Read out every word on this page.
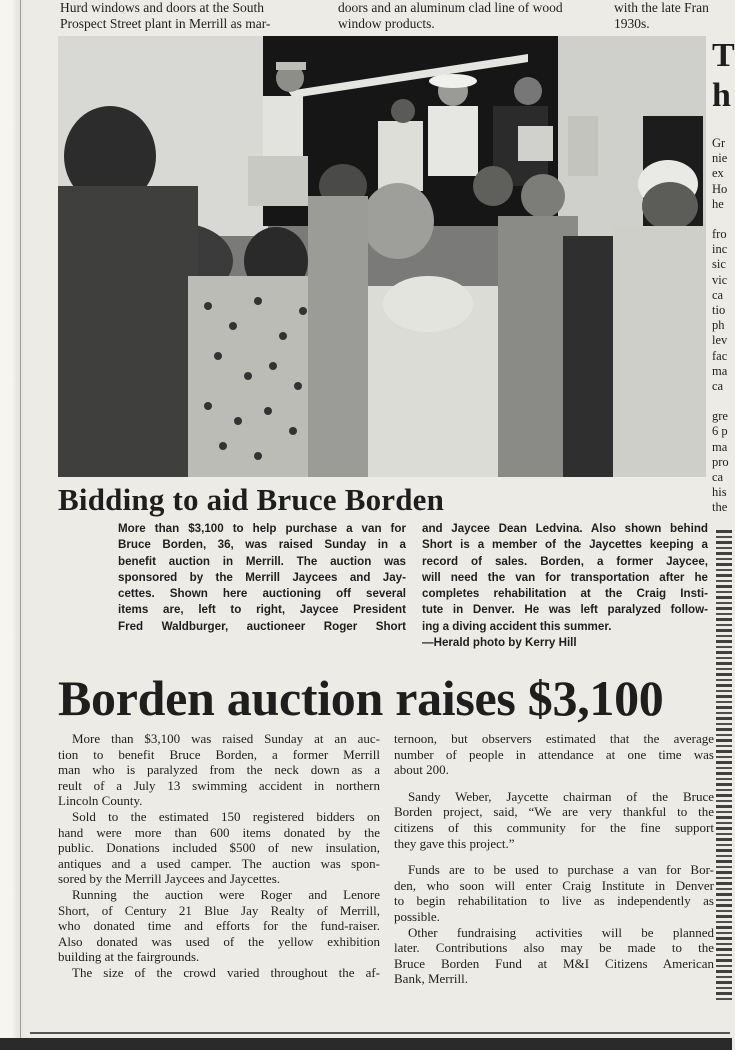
Hurd windows and doors at the South
Prospect Street plant in Merrill as mar-
doors and an aluminum clad line of wood
window products.
with the late Fran
1930s.
T
h
Gr
nie
ex
Ho
he
fro
inc
sic
vic
ca
tio
ph
lev
fac
ma
ca
gre
6 p
ma
pro
ca
his
the
Bidding to aid Bruce Borden
More than $3,100 to help purchase a van for
Bruce Borden, 36, was raised Sunday in a
benefit auction in Merrill. The auction was
sponsored by the Merrill Jaycees and Jay-
cettes. Shown here auctioning off several
items are, left to right, Jaycee President
Fred Waldburger, auctioneer Roger Short
and Jaycee Dean Ledvina. Also shown behind
Short is a member of the Jaycettes keeping a
record of sales. Borden, a former Jaycee,
will need the van for transportation after he
completes rehabilitation at the Craig Insti-
tute in Denver. He was left paralyzed follow-
ing a diving accident this summer.
—Herald photo by Kerry Hill
Borden auction raises $3,100
More than $3,100 was raised Sunday at an auc-
tion to benefit Bruce Borden, a former Merrill
man who is paralyzed from the neck down as a
reult of a July 13 swimming accident in northern
Lincoln County.
Sold to the estimated 150 registered bidders on
hand were more than 600 items donated by the
public. Donations included $500 of new insulation,
antiques and a used camper. The auction was spon-
sored by the Merrill Jaycees and Jaycettes.
Running the auction were Roger and Lenore
Short, of Century 21 Blue Jay Realty of Merrill,
who donated time and efforts for the fund-raiser.
Also donated was used of the yellow exhibition
building at the fairgrounds.
The size of the crowd varied throughout the af-
ternoon, but observers estimated that the average
number of people in attendance at one time was
about 200.
Sandy Weber, Jaycette chairman of the Bruce
Borden project, said, “We are very thankful to the
citizens of this community for the fine support
they gave this project.”
Funds are to be used to purchase a van for Bor-
den, who soon will enter Craig Institute in Denver
to begin rehabilitation to live as independently as
possible.
Other fundraising activities will be planned
later. Contributions also may be made to the
Bruce Borden Fund at M&I Citizens American
Bank, Merrill.
